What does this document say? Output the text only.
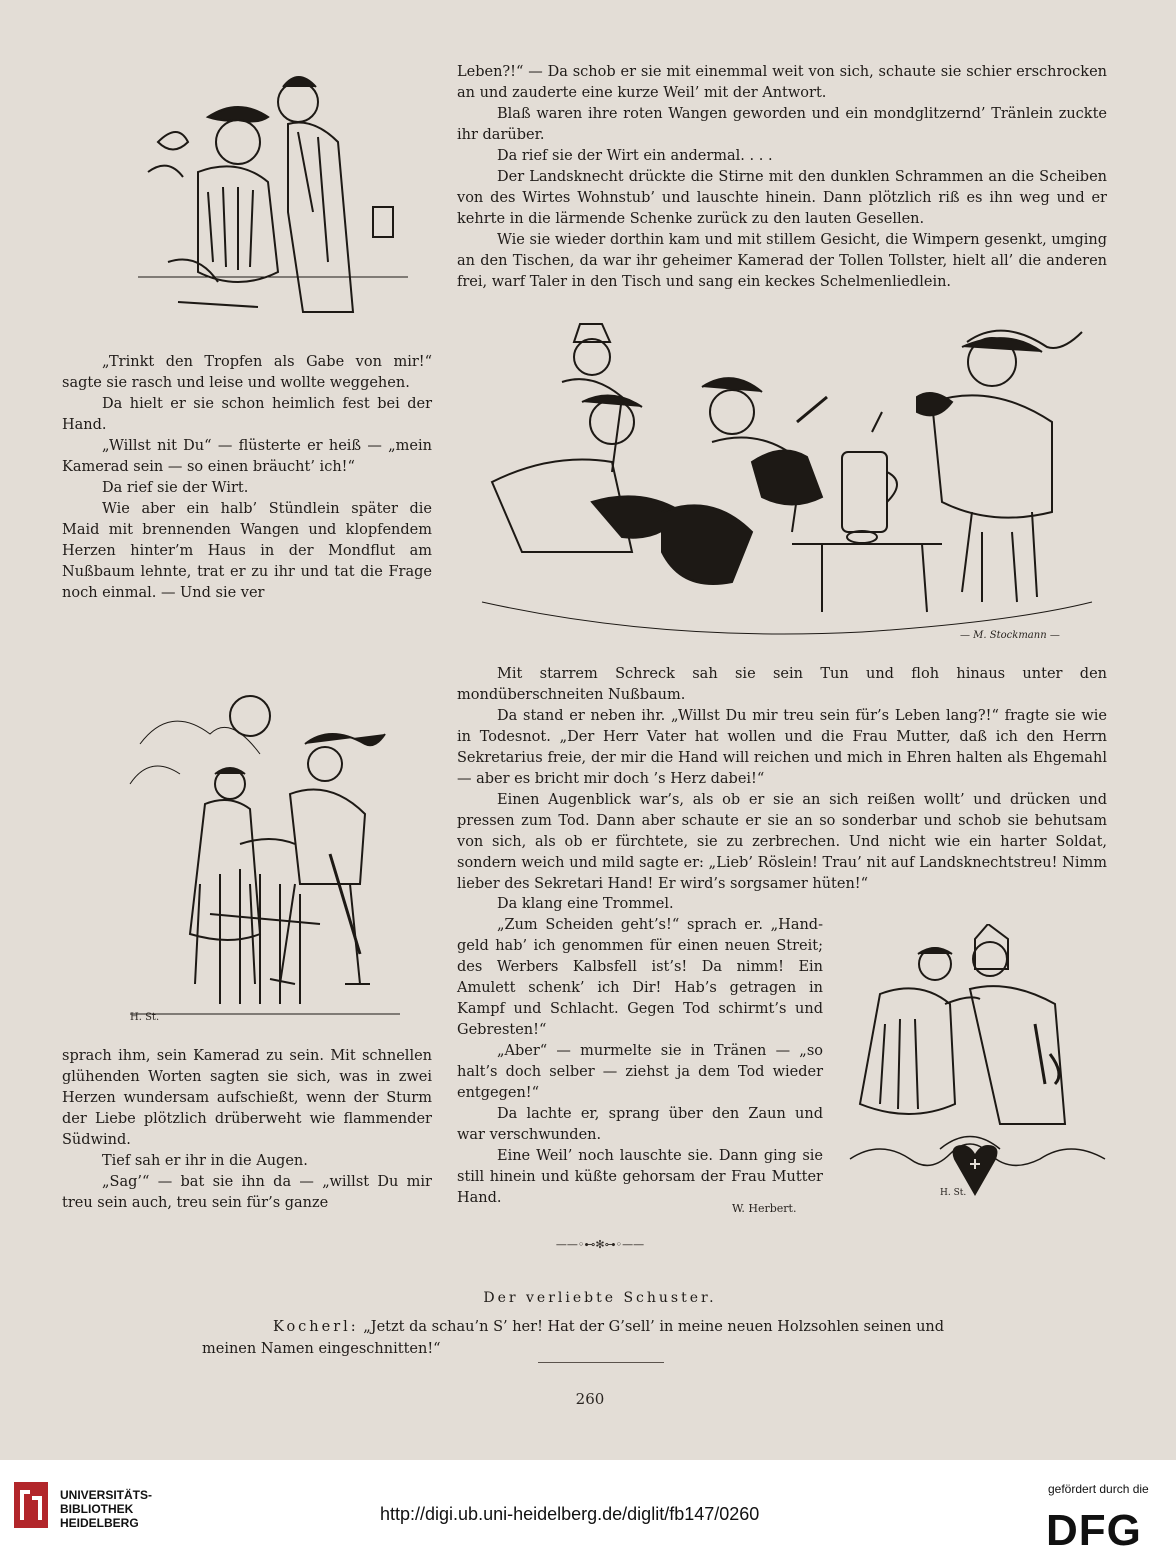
Leben?!“ — Da schob er sie mit einemmal weit von sich, schaute sie schier erschrocken an und zauderte eine kurze Weil’ mit der Antwort.

Blaß waren ihre roten Wangen geworden und ein mondglitzernd’ Tränlein zuckte ihr darüber.

Da rief sie der Wirt ein andermal. . . .

Der Landsknecht drückte die Stirne mit den dunklen Schrammen an die Scheiben von des Wirtes Wohnstub’ und lauschte hinein. Dann plötzlich riß es ihn weg und er kehrte in die lärmende Schenke zurück zu den lauten Gesellen.

Wie sie wieder dorthin kam und mit stillem Gesicht, die Wimpern gesenkt, umging an den Tischen, da war ihr geheimer Kamerad der Tollen Tollster, hielt all’ die anderen frei, warf Taler in den Tisch und sang ein keckes Schelmenliedlein.

— M. Stockmann —

„Trinkt den Tropfen als Gabe von mir!“ sagte sie rasch und leise und wollte weggehen.

Da hielt er sie schon heimlich fest bei der Hand.

„Willst nit Du“ — flüsterte er heiß — „mein Kamerad sein — so einen bräucht’ ich!“

Da rief sie der Wirt.

Wie aber ein halb’ Stündlein später die Maid mit brennenden Wangen und klopfendem Herzen hinter’m Haus in der Mondflut am Nußbaum lehnte, trat er zu ihr und tat die Frage noch einmal. — Und sie ver

Mit starrem Schreck sah sie sein Tun und floh hinaus unter den mondüberschneiten Nußbaum.

Da stand er neben ihr. „Willst Du mir treu sein für’s Leben lang?!“ fragte sie wie in Todesnot. „Der Herr Vater hat wollen und die Frau Mutter, daß ich den Herrn Sekretarius freie, der mir die Hand will reichen und mich in Ehren halten als Ehgemahl — aber es bricht mir doch ’s Herz dabei!“

Einen Augenblick war’s, als ob er sie an sich reißen wollt’ und drücken und pressen zum Tod. Dann aber schaute er sie an so sonderbar und schob sie behutsam von sich, als ob er fürchtete, sie zu zerbrechen. Und nicht wie ein harter Soldat, sondern weich und mild sagte er: „Lieb’ Röslein! Trau’ nit auf Landsknechtstreu! Nimm lieber des Sekretari Hand! Er wird’s sorgsamer hüten!“

H. St.

Da klang eine Trommel.

„Zum Scheiden geht’s!“ sprach er. „Handgeld hab’ ich genommen für einen neuen Streit; des Werbers Kalbsfell ist’s! Da nimm! Ein Amulett schenk’ ich Dir! Hab’s getragen in Kampf und Schlacht. Gegen Tod schirmt’s und Gebresten!“

„Aber“ — murmelte sie in Tränen — „so halt’s doch selber — ziehst ja dem Tod wieder entgegen!“

Da lachte er, sprang über den Zaun und war verschwunden.

Eine Weil’ noch lauschte sie. Dann ging sie still hinein und küßte gehorsam der Frau Mutter Hand.

W. Herbert.
H. St.

sprach ihm, sein Kamerad zu sein. Mit schnellen glühenden Worten sagten sie sich, was in zwei Herzen wundersam aufschießt, wenn der Sturm der Liebe plötzlich drüberweht wie flammender Südwind.

Tief sah er ihr in die Augen.

„Sag’“ — bat sie ihn da — „willst Du mir treu sein auch, treu sein für’s ganze

——◦⊷✻⊶◦——
Der verliebte Schuster.
Kocherl: „Jetzt da schau’n S’ her! Hat der G’sell’ in meine neuen Holzsohlen seinen und
meinen Namen eingeschnitten!“
260
UNIVERSITÄTS-
BIBLIOTHEK
HEIDELBERG	http://digi.ub.uni-heidelberg.de/diglit/fb147/0260
gefördert durch die
DFG
